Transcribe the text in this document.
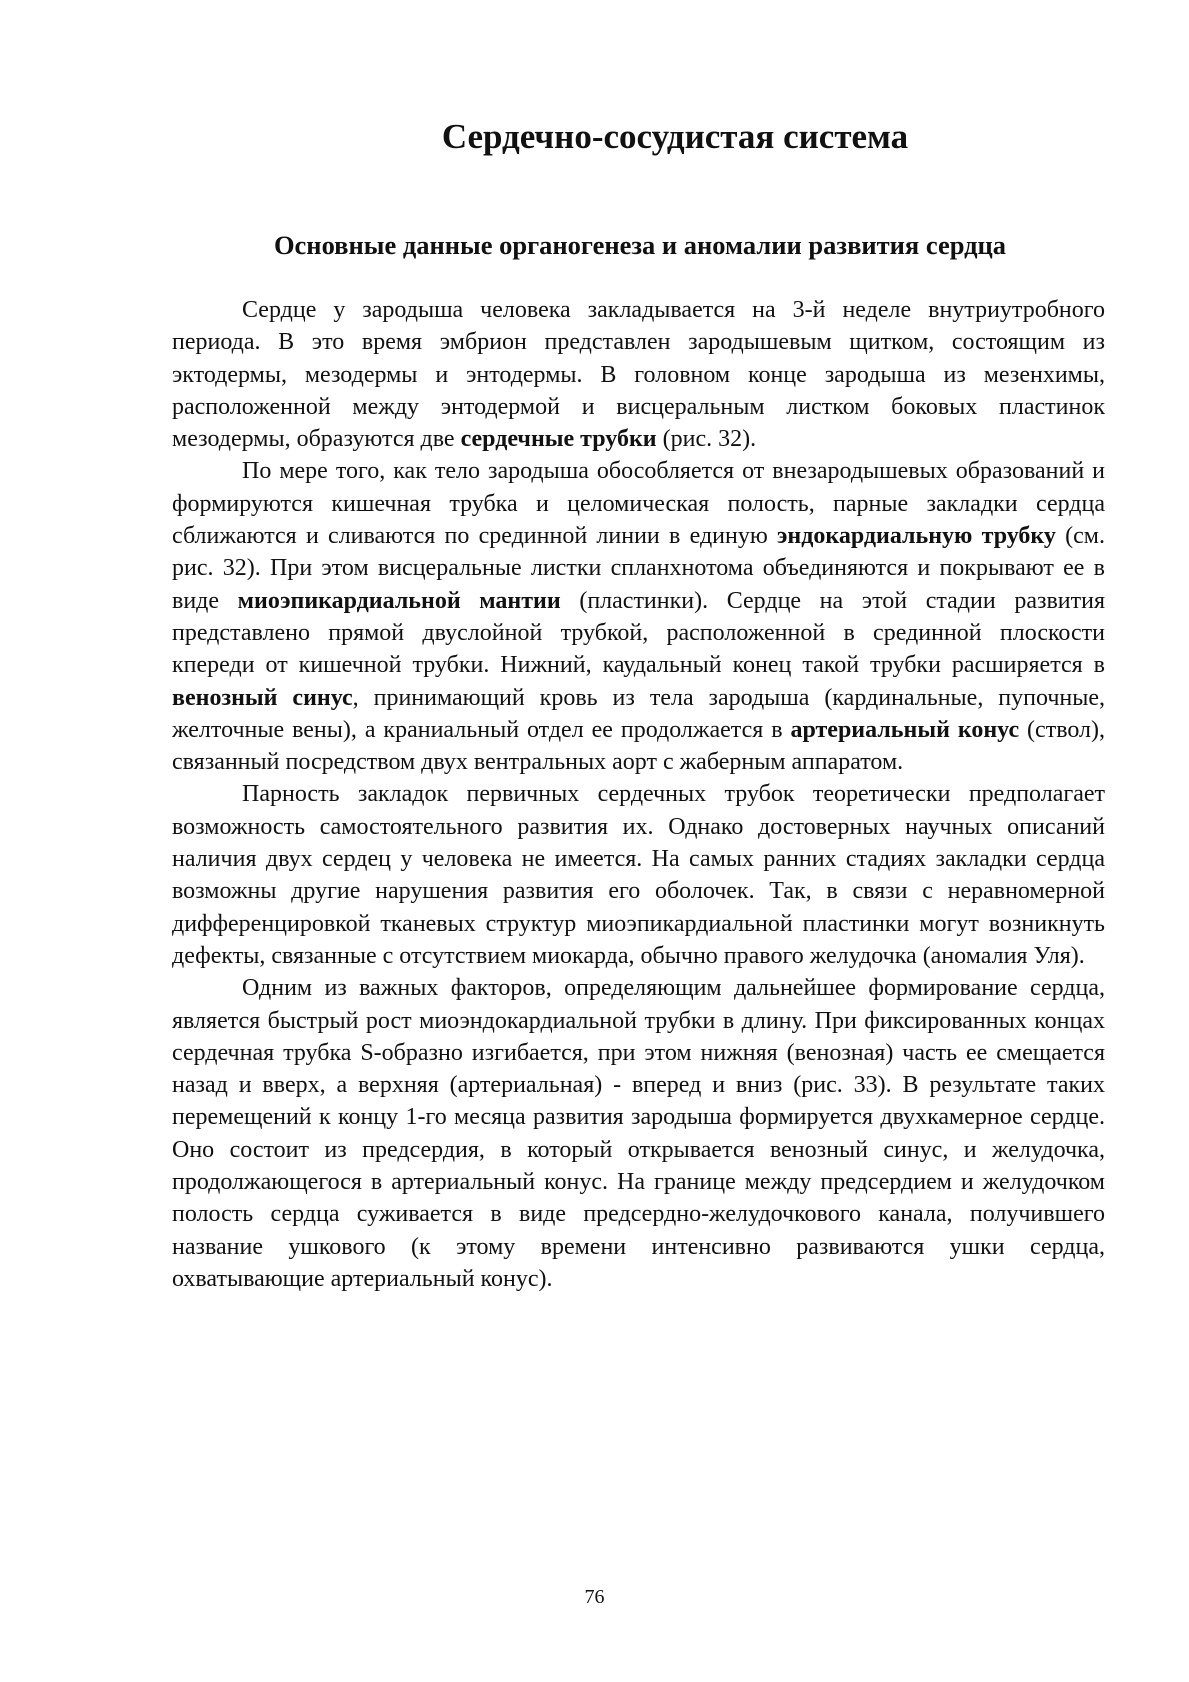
Сердечно-сосудистая система
Основные данные органогенеза и аномалии развития сердца

Сердце у зародыша человека закладывается на 3-й неделе внутриутробного периода. В это время эмбрион представлен зародышевым щитком, состоящим из эктодермы, мезодермы и энтодермы. В головном конце зародыша из мезенхимы, расположенной между энтодермой и висцеральным листком боковых пластинок мезодермы, образуются две сердечные трубки (рис. 32).

По мере того, как тело зародыша обособляется от внезародышевых образований и формируются кишечная трубка и целомическая полость, парные закладки сердца сближаются и сливаются по срединной линии в единую эндокардиальную трубку (см. рис. 32). При этом висцеральные листки спланхнотома объединяются и покрывают ее в виде миоэпикардиальной мантии (пластинки). Сердце на этой стадии развития представлено прямой двуслойной трубкой, расположенной в срединной плоскости кпереди от кишечной трубки. Нижний, каудальный конец такой трубки расширяется в венозный синус, принимающий кровь из тела зародыша (кардинальные, пупочные, желточные вены), а краниальный отдел ее продолжается в артериальный конус (ствол), связанный посредством двух вентральных аорт с жаберным аппаратом.

Парность закладок первичных сердечных трубок теоретически предполагает возможность самостоятельного развития их. Однако достоверных научных описаний наличия двух сердец у человека не имеется. На самых ранних стадиях закладки сердца возможны другие нарушения развития его оболочек. Так, в связи с неравномерной дифференцировкой тканевых структур миоэпикардиальной пластинки могут возникнуть дефекты, связанные с отсутствием миокарда, обычно правого желудочка (аномалия Уля).

Одним из важных факторов, определяющим дальнейшее формирование сердца, является быстрый рост миоэндокардиальной трубки в длину. При фиксированных концах сердечная трубка S-образно изгибается, при этом нижняя (венозная) часть ее смещается назад и вверх, а верхняя (артериальная) - вперед и вниз (рис. 33). В результате таких перемещений к концу 1-го месяца развития зародыша формируется двухкамерное сердце. Оно состоит из предсердия, в который открывается венозный синус, и желудочка, продолжающегося в артериальный конус. На границе между предсердием и желудочком полость сердца суживается в виде предсердно-желудочкового канала, получившего название ушкового (к этому времени интенсивно развиваются ушки сердца, охватывающие артериальный конус).

76
